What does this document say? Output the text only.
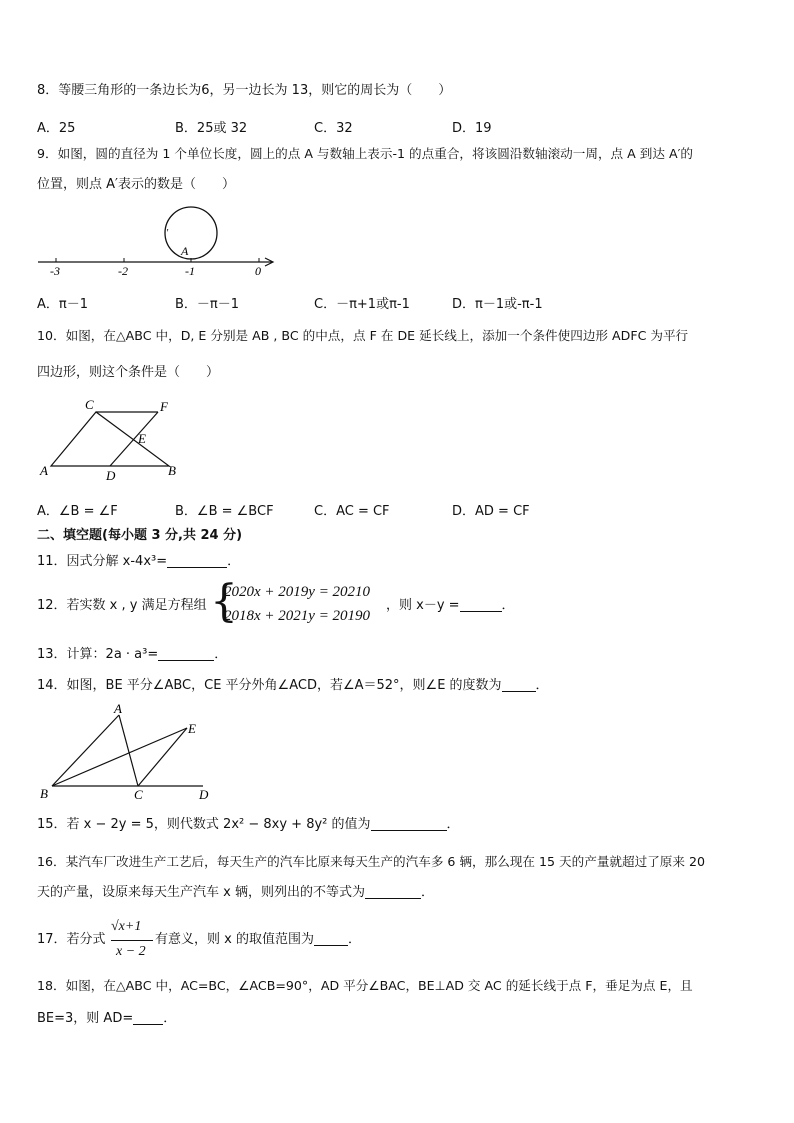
8．等腰三角形的一条边长为6，另一边长为 13，则它的周长为（　　）
A．25	B．25或 32	C．32	D．19
9．如图，圆的直径为 1 个单位长度，圆上的点 A 与数轴上表示-1 的点重合，将该圆沿数轴滚动一周，点 A 到达 A′的
位置，则点 A′表示的数是（　　）
'
A
-3	-2	-1	0
A．π－1	B．－π－1	C．－π+1或π-1	D．π－1或-π-1
10．如图，在△ABC 中，D, E 分别是 AB , BC 的中点，点 F 在 DE 延长线上，添加一个条件使四边形 ADFC 为平行
四边形，则这个条件是（　　）
C	F
E
A	D	B
A．∠B = ∠F	B．∠B = ∠BCF	C．AC = CF	D．AD = CF
二、填空题(每小题 3 分,共 24 分)
11．因式分解 x-4x³=	．
12．若实数 x , y 满足方程组 {
2020x + 2019y = 20210
2018x + 2021y = 20190
，则 x－y =	．
13．计算：2a · a³=	．
14．如图，BE 平分∠ABC，CE 平分外角∠ACD，若∠A＝52°，则∠E 的度数为	．
A
E
B	C	D
15．若 x − 2y = 5，则代数式 2x² − 8xy + 8y² 的值为	．
16．某汽车厂改进生产工艺后，每天生产的汽车比原来每天生产的汽车多 6 辆，那么现在 15 天的产量就超过了原来 20
天的产量，设原来每天生产汽车 x 辆，则列出的不等式为	．
17．若分式
√x+1
x − 2
有意义，则 x 的取值范围为	．
18．如图，在△ABC 中，AC=BC，∠ACB=90°，AD 平分∠BAC，BE⊥AD 交 AC 的延长线于点 F，垂足为点 E，且
BE=3，则 AD= ．
